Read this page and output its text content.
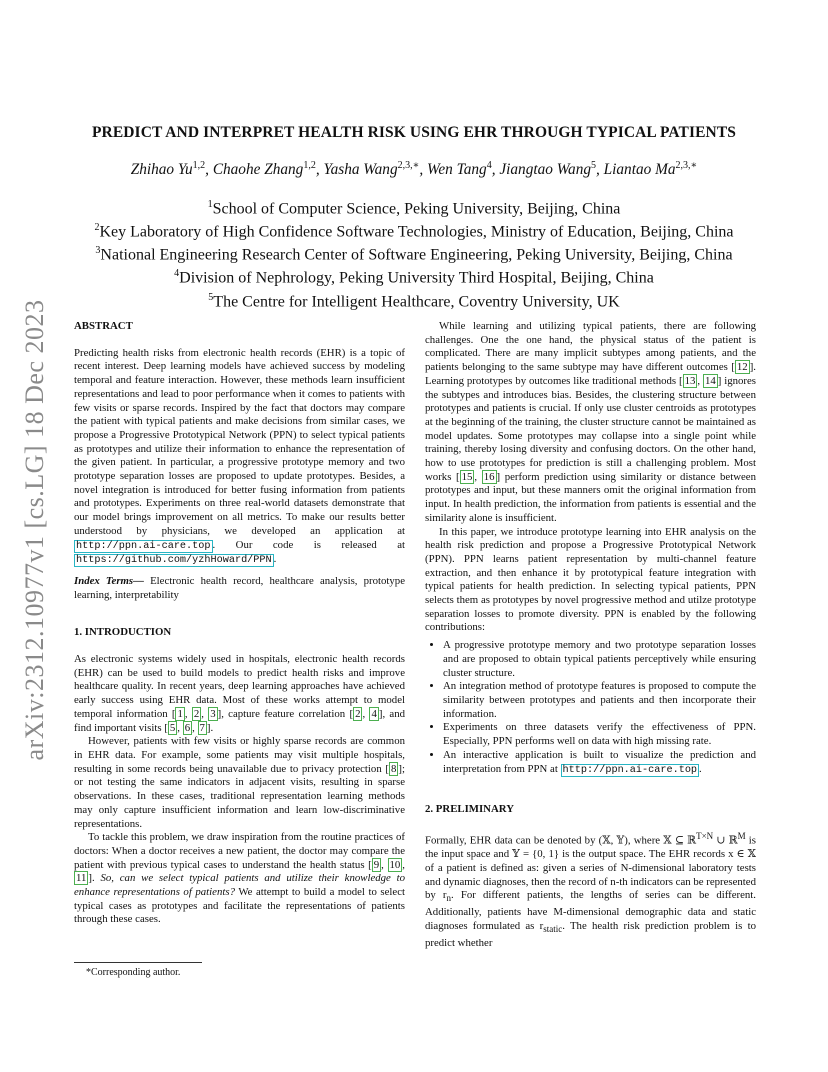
arXiv:2312.10977v1 [cs.LG] 18 Dec 2023
PREDICT AND INTERPRET HEALTH RISK USING EHR THROUGH TYPICAL PATIENTS
Zhihao Yu$^{1,2}$, Chaohe Zhang$^{1,2}$, Yasha Wang$^{2,3,∗}$, Wen Tang$^4$, Jiangtao Wang$^5$, Liantao $Ma^{2,3,∗}$
$^1$School of Computer Science, Peking University, Beijing, China
$^2$Key Laboratory of High Confidence Software Technologies, Ministry of Education, Beijing, China
$^3$National Engineering Research Center of Software Engineering, Peking University, Beijing, China
$^4$Division of Nephrology, Peking University Third Hospital, Beijing, China
$^5$The Centre for Intelligent Healthcare, Coventry University, UK

ABSTRACT

Predicting health risks from electronic health records (EHR) is a topic of recent interest. Deep learning models have achieved success by modeling temporal and feature interaction. However, these methods learn insufficient representations and lead to poor performance when it comes to patients with few visits or sparse records. Inspired by the fact that doctors may compare the patient with typical patients and make decisions from similar cases, we propose a Progressive Prototypical Network (PPN) to select typical patients as prototypes and utilize their information to enhance the representation of the given patient. In particular, a progressive prototype memory and two prototype separation losses are proposed to update prototypes. Besides, a novel integration is introduced for better fusing information from patients and prototypes. Experiments on three real-world datasets demonstrate that our model brings improvement on all metrics. To make our results better understood by physicians, we developed an application at http://ppn.ai-care.top . Our code is released at https://github.com/yzhHoward/PPN .

Index Terms— Electronic health record, healthcare analysis, prototype learning, interpretability

1. INTRODUCTION

As electronic systems widely used in hospitals, electronic health records (EHR) can be used to build models to predict health risks and improve healthcare quality. In recent years, deep learning approaches have achieved early success using EHR data. Most of these works attempt to model temporal information [ 1 , 2 , 3 ], capture feature correlation [ 2 , 4 ], and find important visits [ 5 , 6 , 7 ].

However, patients with few visits or highly sparse records are common in EHR data. For example, some patients may visit multiple hospitals, resulting in some records being unavailable due to privacy protection [ 8 ]; or not testing the same indicators in adjacent visits, resulting in sparse observations. In these cases, traditional representation learning methods may only capture insufficient information and learn low-discriminative representations.

To tackle this problem, we draw inspiration from the routine practices of doctors: When a doctor receives a new patient, the doctor may compare the patient with previous typical cases to understand the health status [ 9 , 10 , 11 ]. So, can we select typical patients and utilize their knowledge to enhance representations of patients? We attempt to build a model to select typical cases as prototypes and facilitate the representations of patients through these cases.

*Corresponding author.

While learning and utilizing typical patients, there are following challenges. One the one hand, the physical status of the patient is complicated. There are many implicit subtypes among patients, and the patients belonging to the same subtype may have different outcomes [ 12 ]. Learning prototypes by outcomes like traditional methods [ 13 , 14 ] ignores the subtypes and introduces bias. Besides, the clustering structure between prototypes and patients is crucial. If only use cluster centroids as prototypes at the beginning of the training, the cluster structure cannot be maintained as model updates. Some prototypes may collapse into a single point while training, thereby losing diversity and confusing doctors. On the other hand, how to use prototypes for prediction is still a challenging problem. Most works [ 15 , 16 ] perform prediction using similarity or distance between prototypes and input, but these manners omit the original information from input. In health prediction, the information from patients is essential and the similarity alone is insufficient.

In this paper, we introduce prototype learning into EHR analysis on the health risk prediction and propose a Progressive Prototypical Network (PPN). PPN learns patient representation by multi-channel feature extraction, and then enhance it by prototypical feature integration with typical patients for health prediction. In selecting typical patients, PPN selects them as prototypes by novel progressive method and utilze prototype separation losses to promote diversity. PPN is enabled by the following contributions:

• A progressive prototype memory and two prototype separation losses and are proposed to obtain typical patients perceptively while ensuring cluster structure.
• An integration method of prototype features is proposed to compute the similarity between prototypes and patients and then incorporate their information.
• Experiments on three datasets verify the effectiveness of PPN. Especially, PPN performs well on data with high missing rate.
• An interactive application is built to visualize the prediction and interpretation from PPN at http://ppn.ai-care.top .

2. PRELIMINARY

Formally, EHR data can be denoted by (𝕏, 𝕐), where 𝕏 ⊆ ℝ$^{T\times N}$ ∪ ℝ$^M$ is the input space and 𝕐 = {0, 1} is the output space. The EHR records x ∈ 𝕏 of a patient is defined as: given a series of N-dimensional laboratory tests and dynamic diagnoses, then the record of n-th indicators can be represented by $r_n$. For different patients, the lengths of series can be different. Additionally, patients have M-dimensional demographic data and static diagnoses formulated as $r_{static}$. The health risk prediction problem is to predict whether
